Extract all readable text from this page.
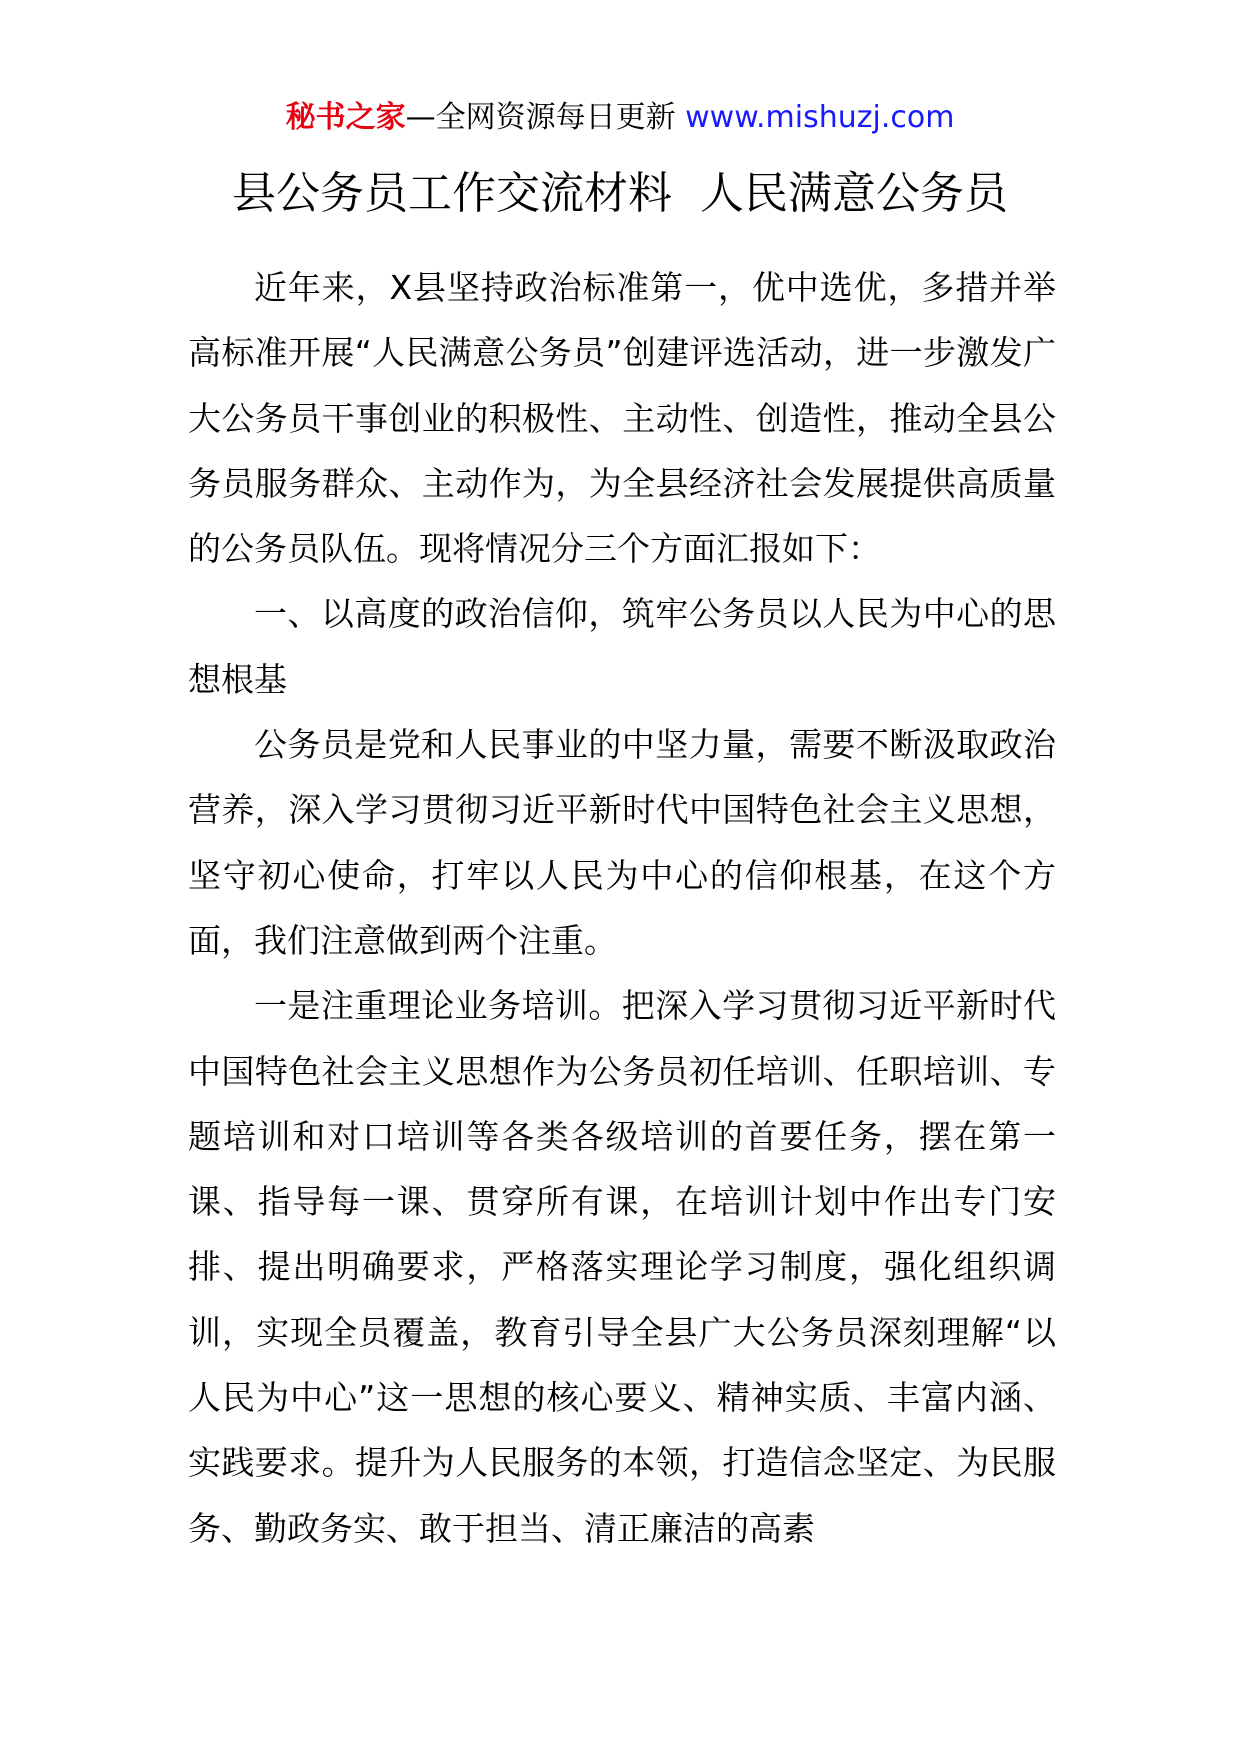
秘书之家—全网资源每日更新 www.mishuzj.com
县公务员工作交流材料  人民满意公务员

近年来，X县坚持政治标准第一，优中选优，多措并举高标准开展“人民满意公务员”创建评选活动，进一步激发广大公务员干事创业的积极性、主动性、创造性，推动全县公务员服务群众、主动作为，为全县经济社会发展提供高质量的公务员队伍。现将情况分三个方面汇报如下：

一、以高度的政治信仰，筑牢公务员以人民为中心的思想根基

公务员是党和人民事业的中坚力量，需要不断汲取政治营养，深入学习贯彻习近平新时代中国特色社会主义思想，坚守初心使命，打牢以人民为中心的信仰根基，在这个方面，我们注意做到两个注重。

一是注重理论业务培训。把深入学习贯彻习近平新时代中国特色社会主义思想作为公务员初任培训、任职培训、专题培训和对口培训等各类各级培训的首要任务，摆在第一课、指导每一课、贯穿所有课，在培训计划中作出专门安排、提出明确要求，严格落实理论学习制度，强化组织调训，实现全员覆盖，教育引导全县广大公务员深刻理解“以人民为中心”这一思想的核心要义、精神实质、丰富内涵、实践要求。提升为人民服务的本领，打造信念坚定、为民服务、勤政务实、敢于担当、清正廉洁的高素
